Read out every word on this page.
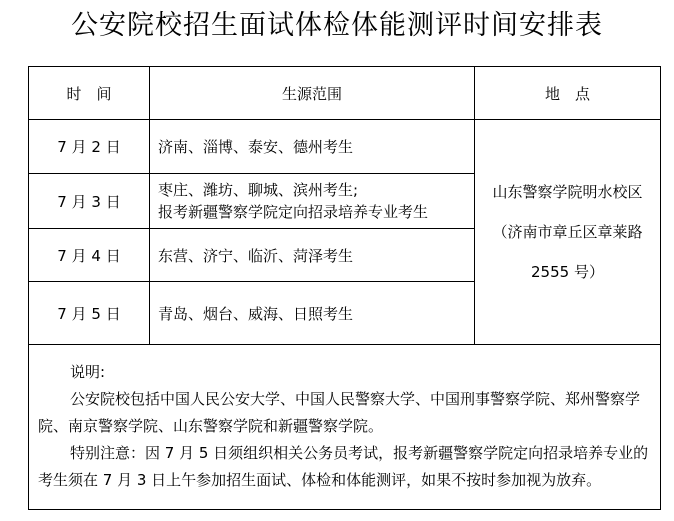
公安院校招生面试体检体能测评时间安排表
时　间	生源范围	地　点
7 月 2 日	济南、淄博、泰安、德州考生	山东警察学院明水校区
（济南市章丘区章莱路
2555 号）

7 月 3 日	枣庄、潍坊、聊城、滨州考生;
报考新疆警察学院定向招录培养专业考生	

7 月 4 日	东营、济宁、临沂、菏泽考生	
7 月 5 日	青岛、烟台、威海、日照考生	

说明:

公安院校包括中国人民公安大学、中国人民警察大学、中国刑事警察学院、郑州警察学院、南京警察学院、山东警察学院和新疆警察学院。

特别注意：因 7 月 5 日须组织相关公务员考试，报考新疆警察学院定向招录培养专业的考生须在 7 月 3 日上午参加招生面试、体检和体能测评，如果不按时参加视为放弃。		
